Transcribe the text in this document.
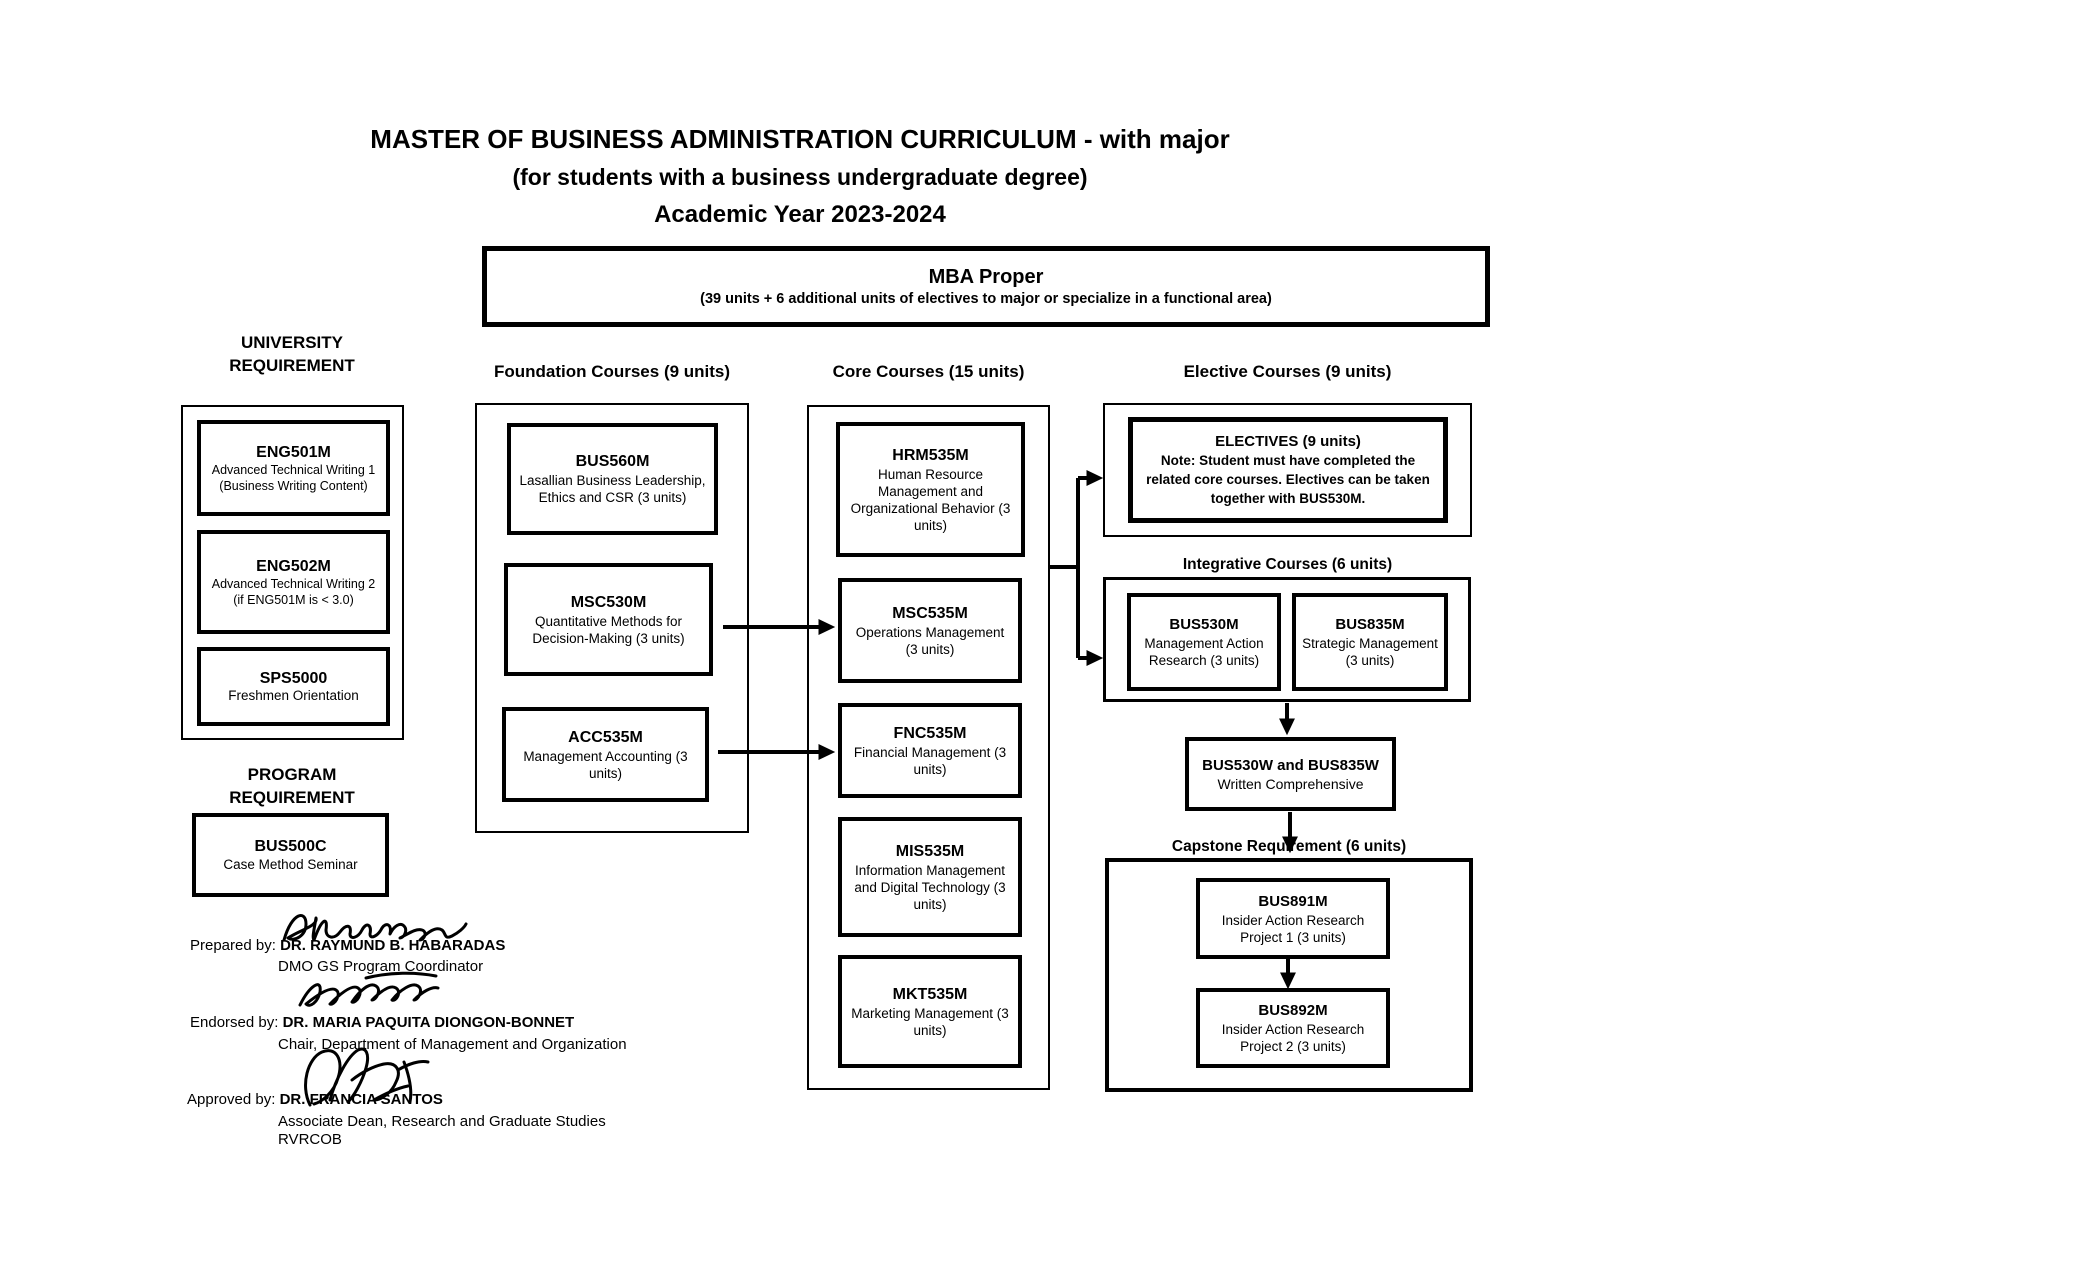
MASTER OF BUSINESS ADMINISTRATION CURRICULUM - with major
(for students with a business undergraduate degree)
Academic Year 2023-2024
MBA Proper
(39 units + 6 additional units of electives to major or specialize in a functional area)
UNIVERSITY REQUIREMENT	Foundation Courses (9 units)	Core Courses (15 units)	Elective Courses (9 units)
ENG501M
Advanced Technical Writing 1 (Business Writing Content)
ENG502M
Advanced Technical Writing 2 (if ENG501M is < 3.0)
SPS5000
Freshmen Orientation
PROGRAM REQUIREMENT
BUS500C
Case Method Seminar
BUS560M
Lasallian Business Leadership, Ethics and CSR (3 units)
MSC530M
Quantitative Methods for Decision-Making (3 units)
ACC535M
Management Accounting (3 units)
HRM535M
Human Resource Management and Organizational Behavior (3 units)
MSC535M
Operations Management (3 units)
FNC535M
Financial Management (3 units)
MIS535M
Information Management and Digital Technology (3 units)
MKT535M
Marketing Management (3 units)
ELECTIVES (9 units)
Note: Student must have completed the related core courses. Electives can be taken together with BUS530M.
Integrative Courses (6 units)
BUS530M
Management Action Research (3 units)
BUS835M
Strategic Management (3 units)
BUS530W and BUS835W
Written Comprehensive
Capstone Requirement (6 units)
BUS891M
Insider Action Research Project 1 (3 units)
BUS892M
Insider Action Research Project 2 (3 units)
Prepared by: DR. RAYMUND B. HABARADAS
DMO GS Program Coordinator
Endorsed by: DR. MARIA PAQUITA DIONGON-BONNET
Chair, Department of Management and Organization
Approved by: DR. FRANCIA SANTOS
Associate Dean, Research and Graduate Studies
RVRCOB
